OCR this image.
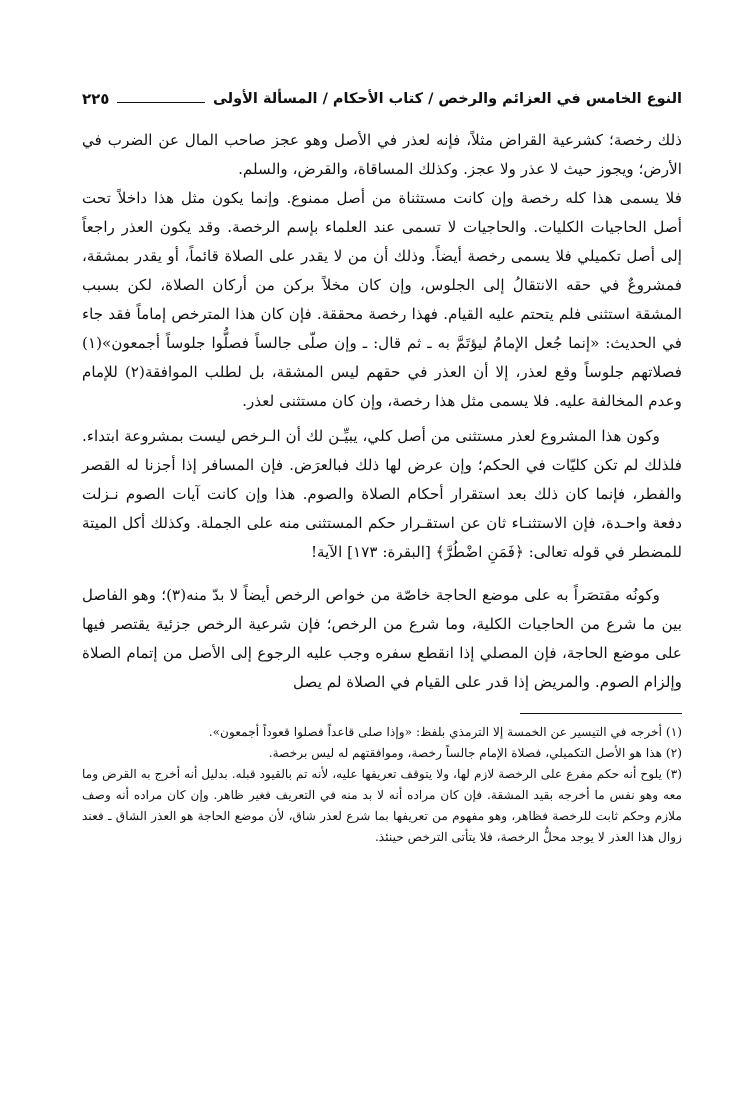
النوع الخامس في العزائم والرخص / كتاب الأحكام / المسألة الأولى
٢٢٥

ذلك رخصة؛ كشرعية القراض مثلاً، فإنه لعذر في الأصل وهو عجز صاحب المال عن الضرب في الأرض؛ ويجوز حيث لا عذر ولا عجز. وكذلك المساقاة، والقرض، والسلم.

فلا يسمى هذا كله رخصة وإن كانت مستثناة من أصل ممنوع. وإنما يكون مثل هذا داخلاً تحت أصل الحاجيات الكليات. والحاجيات لا تسمى عند العلماء بإسم الرخصة. وقد يكون العذر راجعاً إلى أصل تكميلي فلا يسمى رخصة أيضاً. وذلك أن من لا يقدر على الصلاة قائماً، أو يقدر بمشقة، فمشروعٌ في حقه الانتقالُ إلى الجلوس، وإن كان مخلاً بركن من أركان الصلاة، لكن بسبب المشقة استثنى فلم يتحتم عليه القيام. فهذا رخصة محققة. فإن كان هذا المترخص إماماً فقد جاء في الحديث: «إنما جُعل الإمامُ ليؤتَمَّ به ـ ثم قال: ـ وإن صلّى جالساً فصلُّوا جلوساً أجمعون»(١) فصلاتهم جلوساً وقع لعذر، إلا أن العذر في حقهم ليس المشقة، بل لطلب الموافقة(٢) للإمام وعدم المخالفة عليه. فلا يسمى مثل هذا رخصة، وإن كان مستثنى لعذر.

وكون هذا المشروع لعذر مستثنى من أصل كلي، يبيِّـن لك أن الـرخص ليست بمشروعة ابتداء. فلذلك لم تكن كليّات في الحكم؛ وإن عرض لها ذلك فبالعرَض. فإن المسافر إذا أجزنا له القصر والفطر، فإنما كان ذلك بعد استقرار أحكام الصلاة والصوم. هذا وإن كانت آيات الصوم نـزلت دفعة واحـدة، فإن الاستثنـاء ثان عن استقـرار حكم المستثنى منه على الجملة. وكذلك أكل الميتة للمضطر في قوله تعالى: ﴿فَمَنِ اضْطُرَّ﴾ [البقرة: ١٧٣] الآية!

وكونُه مقتصَراً به على موضع الحاجة خاصّة من خواص الرخص أيضاً لا بدّ منه(٣)؛ وهو الفاصل بين ما شرع من الحاجيات الكلية، وما شرع من الرخص؛ فإن شرعية الرخص جزئية يقتصر فيها على موضع الحاجة، فإن المصلي إذا انقطع سفره وجب عليه الرجوع إلى الأصل من إتمام الصلاة وإلزام الصوم. والمريض إذا قدر على القيام في الصلاة لم يصل

(١) أخرجه في التيسير عن الخمسة إلا الترمذي بلفظ: «وإذا صلى قاعداً فصلوا قعوداً أجمعون».

(٢) هذا هو الأصل التكميلي، فصلاة الإمام جالساً رخصة، وموافقتهم له ليس برخصة.

(٣) يلوح أنه حكم مفرع على الرخصة لازم لها، ولا يتوقف تعريفها عليه، لأنه تم بالقيود قبله. بدليل أنه أخرج به القرض وما معه وهو نفس ما أخرجه بقيد المشقة. فإن كان مراده أنه لا بد منه في التعريف فغير ظاهر. وإن كان مراده أنه وصف ملازم وحكم ثابت للرخصة فظاهر، وهو مفهوم من تعريفها بما شرع لعذر شاق، لأن موضع الحاجة هو العذر الشاق ـ فعند زوال هذا العذر لا يوجد محلُّ الرخصة، فلا يتأتى الترخص حينئذ.
